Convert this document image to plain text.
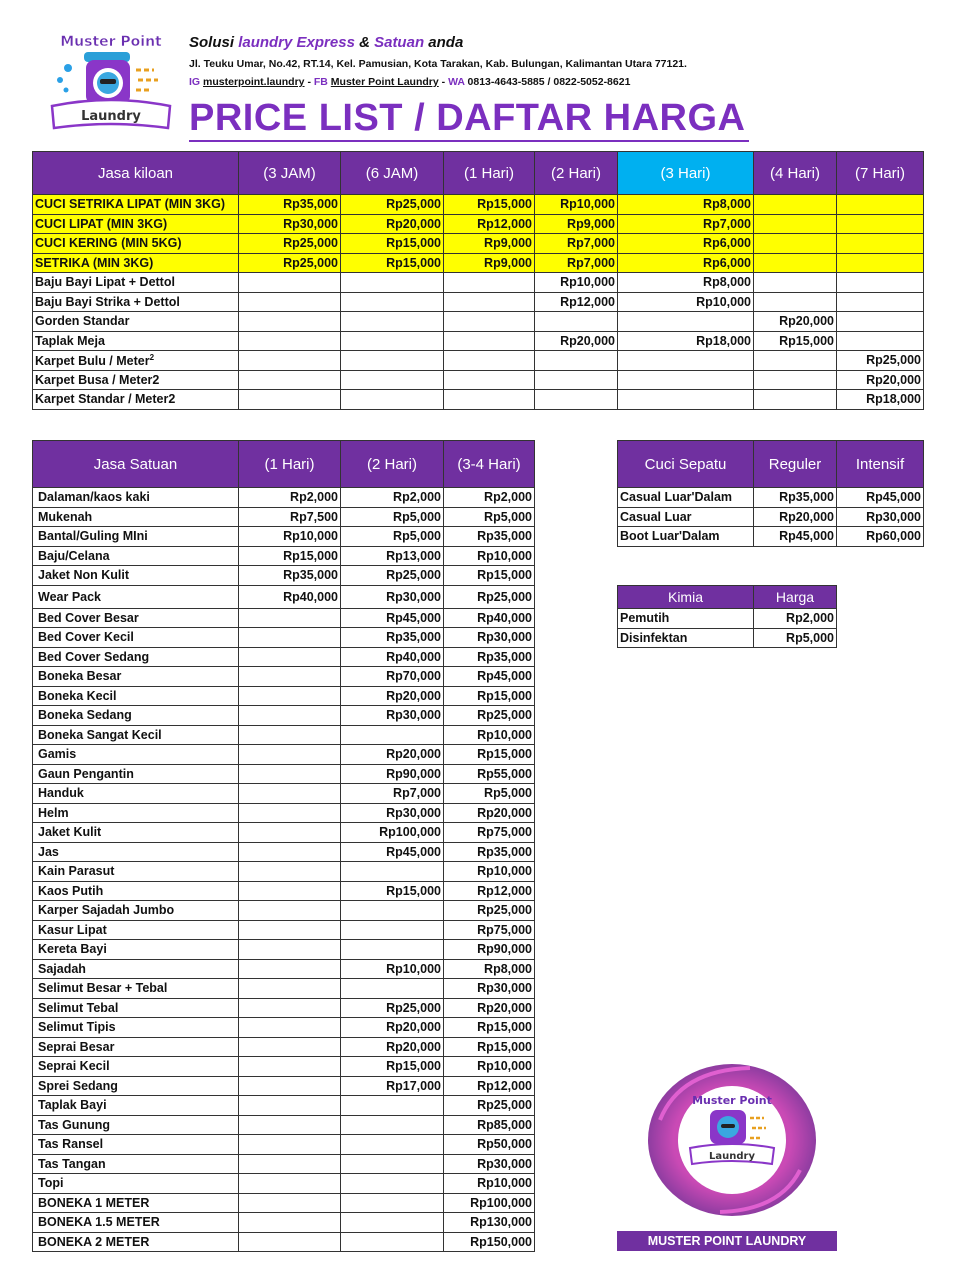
Muster Point
Laundry
Solusi laundry Express & Satuan anda
Jl. Teuku Umar, No.42, RT.14, Kel. Pamusian, Kota Tarakan, Kab. Bulungan, Kalimantan Utara 77121.
IG musterpoint.laundry - FB Muster Point Laundry - WA 0813-4643-5885 / 0822-5052-8621
PRICE LIST / DAFTAR HARGA
Jasa kiloan	(3 JAM)	(6 JAM)	(1 Hari)	(2 Hari)	(3 Hari)	(4 Hari)	(7 Hari)
CUCI SETRIKA LIPAT (MIN 3KG)	Rp35,000	Rp25,000	Rp15,000	Rp10,000	Rp8,000		
CUCI LIPAT (MIN 3KG)	Rp30,000	Rp20,000	Rp12,000	Rp9,000	Rp7,000		
CUCI KERING (MIN 5KG)	Rp25,000	Rp15,000	Rp9,000	Rp7,000	Rp6,000		
SETRIKA (MIN 3KG)	Rp25,000	Rp15,000	Rp9,000	Rp7,000	Rp6,000		
Baju Bayi Lipat + Dettol				Rp10,000	Rp8,000		
Baju Bayi Strika + Dettol				Rp12,000	Rp10,000		
Gorden Standar						Rp20,000	
Taplak Meja				Rp20,000	Rp18,000	Rp15,000	
Karpet Bulu / Meter$^2$							Rp25,000
Karpet Busa / Meter2							Rp20,000
Karpet Standar / Meter2							Rp18,000
Jasa Satuan	(1 Hari)	(2 Hari)	(3-4 Hari)
Dalaman/kaos kaki	Rp2,000	Rp2,000	Rp2,000
Mukenah	Rp7,500	Rp5,000	Rp5,000
Bantal/Guling MIni	Rp10,000	Rp5,000	Rp35,000
Baju/Celana	Rp15,000	Rp13,000	Rp10,000
Jaket Non Kulit	Rp35,000	Rp25,000	Rp15,000
Wear Pack	Rp40,000	Rp30,000	Rp25,000
Bed Cover Besar		Rp45,000	Rp40,000
Bed Cover Kecil		Rp35,000	Rp30,000
Bed Cover Sedang		Rp40,000	Rp35,000
Boneka Besar		Rp70,000	Rp45,000
Boneka Kecil		Rp20,000	Rp15,000
Boneka Sedang		Rp30,000	Rp25,000
Boneka Sangat Kecil			Rp10,000
Gamis		Rp20,000	Rp15,000
Gaun Pengantin		Rp90,000	Rp55,000
Handuk		Rp7,000	Rp5,000
Helm		Rp30,000	Rp20,000
Jaket Kulit		Rp100,000	Rp75,000
Jas		Rp45,000	Rp35,000
Kain Parasut			Rp10,000
Kaos Putih		Rp15,000	Rp12,000
Karper Sajadah Jumbo			Rp25,000
Kasur Lipat			Rp75,000
Kereta Bayi			Rp90,000
Sajadah		Rp10,000	Rp8,000
Selimut Besar + Tebal			Rp30,000
Selimut Tebal		Rp25,000	Rp20,000
Selimut Tipis		Rp20,000	Rp15,000
Seprai Besar		Rp20,000	Rp15,000
Seprai Kecil		Rp15,000	Rp10,000
Sprei Sedang		Rp17,000	Rp12,000
Taplak Bayi			Rp25,000
Tas Gunung			Rp85,000
Tas Ransel			Rp50,000
Tas Tangan			Rp30,000
Topi			Rp10,000
BONEKA 1 METER			Rp100,000
BONEKA 1.5 METER			Rp130,000
BONEKA 2 METER			Rp150,000
Cuci Sepatu	Reguler	Intensif
Casual Luar'Dalam	Rp35,000	Rp45,000
Casual Luar	Rp20,000	Rp30,000
Boot Luar'Dalam	Rp45,000	Rp60,000
Kimia	Harga
Pemutih	Rp2,000
Disinfektan	Rp5,000
Muster Point
Laundry
MUSTER POINT LAUNDRY
